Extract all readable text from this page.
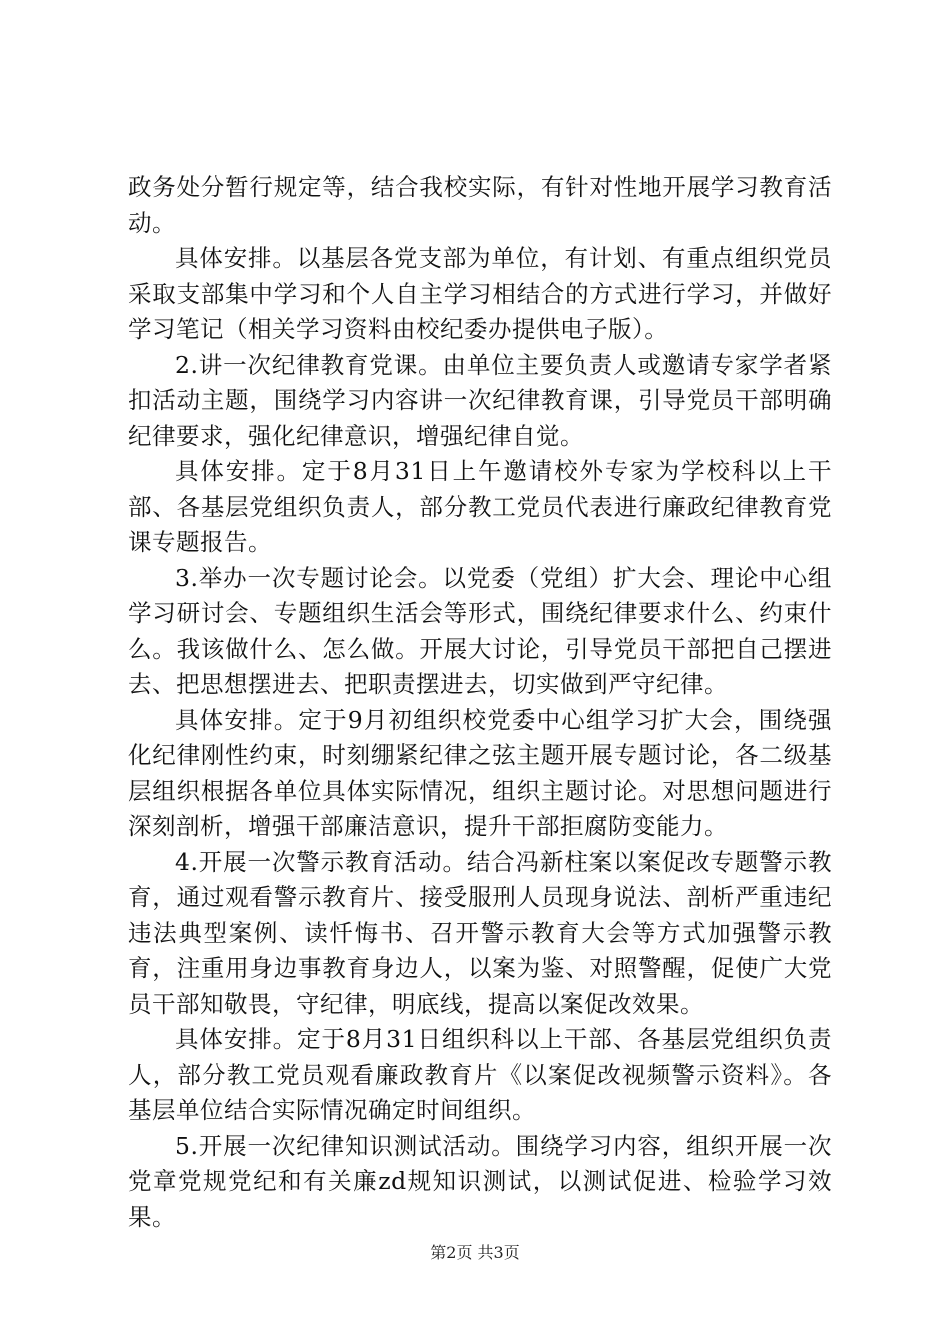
政务处分暂行规定等，结合我校实际，有针对性地开展学习教育活动。

具体安排。以基层各党支部为单位，有计划、有重点组织党员采取支部集中学习和个人自主学习相结合的方式进行学习，并做好学习笔记（相关学习资料由校纪委办提供电子版）。

2.讲一次纪律教育党课。由单位主要负责人或邀请专家学者紧扣活动主题，围绕学习内容讲一次纪律教育课，引导党员干部明确纪律要求，强化纪律意识，增强纪律自觉。

具体安排。定于8月31日上午邀请校外专家为学校科以上干部、各基层党组织负责人，部分教工党员代表进行廉政纪律教育党课专题报告。

3.举办一次专题讨论会。以党委（党组）扩大会、理论中心组学习研讨会、专题组织生活会等形式，围绕纪律要求什么、约束什么。我该做什么、怎么做。开展大讨论，引导党员干部把自己摆进去、把思想摆进去、把职责摆进去，切实做到严守纪律。

具体安排。定于9月初组织校党委中心组学习扩大会，围绕强化纪律刚性约束，时刻绷紧纪律之弦主题开展专题讨论，各二级基层组织根据各单位具体实际情况，组织主题讨论。对思想问题进行深刻剖析，增强干部廉洁意识，提升干部拒腐防变能力。

4.开展一次警示教育活动。结合冯新柱案以案促改专题警示教育，通过观看警示教育片、接受服刑人员现身说法、剖析严重违纪违法典型案例、读忏悔书、召开警示教育大会等方式加强警示教育，注重用身边事教育身边人，以案为鉴、对照警醒，促使广大党员干部知敬畏，守纪律，明底线，提高以案促改效果。

具体安排。定于8月31日组织科以上干部、各基层党组织负责人，部分教工党员观看廉政教育片《以案促改视频警示资料》。各基层单位结合实际情况确定时间组织。

5.开展一次纪律知识测试活动。围绕学习内容，组织开展一次党章党规党纪和有关廉zd规知识测试，以测试促进、检验学习效果。

第2页 共3页
